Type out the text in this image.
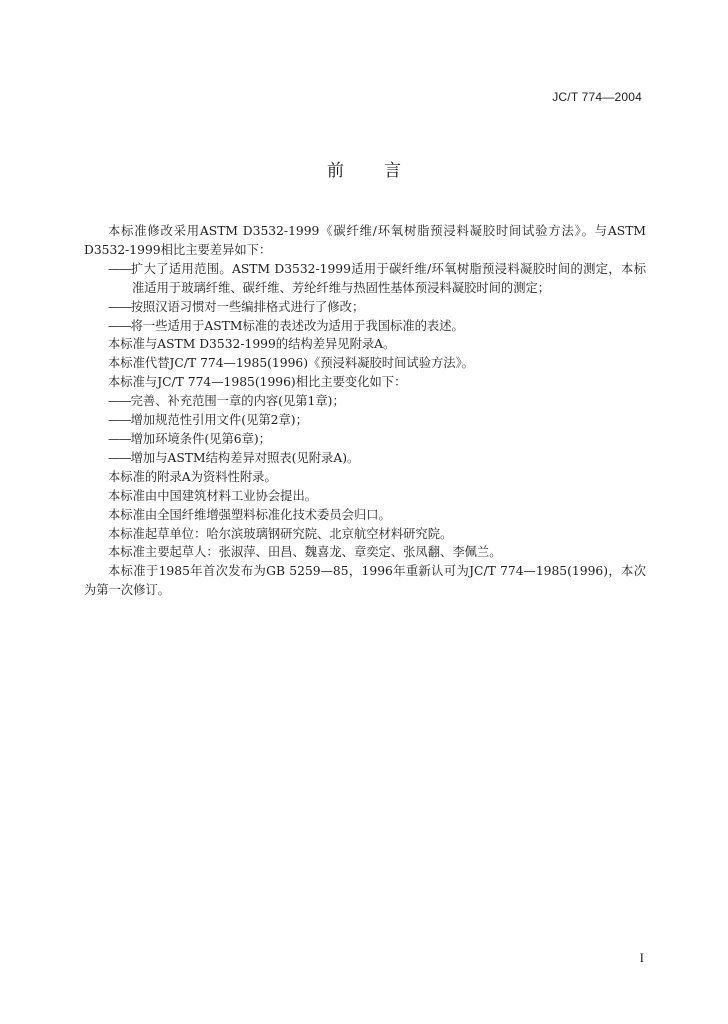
JC/T 774—2004
前言

本标准修改采用ASTM D3532-1999《碳纤维/环氧树脂预浸料凝胶时间试验方法》。与ASTM D3532-1999相比主要差异如下：

——扩大了适用范围。ASTM D3532-1999适用于碳纤维/环氧树脂预浸料凝胶时间的测定，本标准适用于玻璃纤维、碳纤维、芳纶纤维与热固性基体预浸料凝胶时间的测定；

——按照汉语习惯对一些编排格式进行了修改；

——将一些适用于ASTM标准的表述改为适用于我国标准的表述。

本标准与ASTM D3532-1999的结构差异见附录A。

本标准代替JC/T 774—1985(1996)《预浸料凝胶时间试验方法》。

本标准与JC/T 774—1985(1996)相比主要变化如下：

——完善、补充范围一章的内容(见第1章)；

——增加规范性引用文件(见第2章)；

——增加环境条件(见第6章)；

——增加与ASTM结构差异对照表(见附录A)。

本标准的附录A为资料性附录。

本标准由中国建筑材料工业协会提出。

本标准由全国纤维增强塑料标准化技术委员会归口。

本标准起草单位：哈尔滨玻璃钢研究院、北京航空材料研究院。

本标准主要起草人：张淑萍、田昌、魏喜龙、章奕定、张凤翻、李佩兰。

本标准于1985年首次发布为GB 5259—85，1996年重新认可为JC/T 774—1985(1996)，本次为第一次修订。

I
